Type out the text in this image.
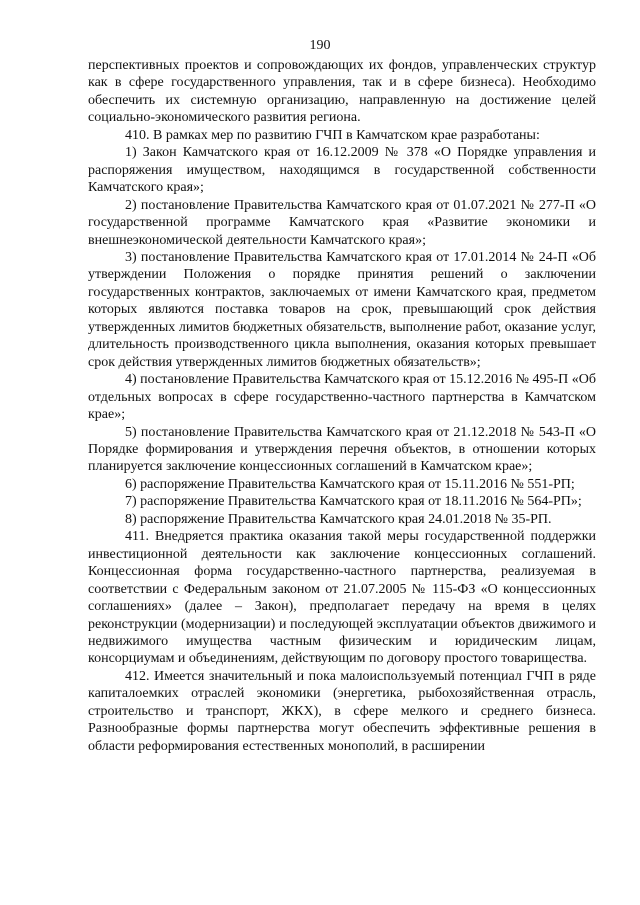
190

перспективных проектов и сопровождающих их фондов, управленческих структур как в сфере государственного управления, так и в сфере бизнеса). Необходимо обеспечить их системную организацию, направленную на достижение целей социально-экономического развития региона.

410. В рамках мер по развитию ГЧП в Камчатском крае разработаны:

1) Закон Камчатского края от 16.12.2009 № 378 «О Порядке управления и распоряжения имуществом, находящимся в государственной собственности Камчатского края»;

2) постановление Правительства Камчатского края от 01.07.2021 № 277-П «О государственной программе Камчатского края «Развитие экономики и внешнеэкономической деятельности Камчатского края»;

3) постановление Правительства Камчатского края от 17.01.2014 № 24-П «Об утверждении Положения о порядке принятия решений о заключении государственных контрактов, заключаемых от имени Камчатского края, предметом которых являются поставка товаров на срок, превышающий срок действия утвержденных лимитов бюджетных обязательств, выполнение работ, оказание услуг, длительность производственного цикла выполнения, оказания которых превышает срок действия утвержденных лимитов бюджетных обязательств»;

4) постановление Правительства Камчатского края от 15.12.2016 № 495-П «Об отдельных вопросах в сфере государственно-частного партнерства в Камчатском крае»;

5) постановление Правительства Камчатского края от 21.12.2018 № 543-П «О Порядке формирования и утверждения перечня объектов, в отношении которых планируется заключение концессионных соглашений в Камчатском крае»;

6) распоряжение Правительства Камчатского края от 15.11.2016 № 551-РП;

7) распоряжение Правительства Камчатского края от 18.11.2016 № 564-РП»;

8) распоряжение Правительства Камчатского края 24.01.2018 № 35-РП.

411. Внедряется практика оказания такой меры государственной поддержки инвестиционной деятельности как заключение концессионных соглашений. Концессионная форма государственно-частного партнерства, реализуемая в соответствии с Федеральным законом от 21.07.2005 № 115-ФЗ «О концессионных соглашениях» (далее – Закон), предполагает передачу на время в целях реконструкции (модернизации) и последующей эксплуатации объектов движимого и недвижимого имущества частным физическим и юридическим лицам, консорциумам и объединениям, действующим по договору простого товарищества.

412. Имеется значительный и пока малоиспользуемый потенциал ГЧП в ряде капиталоемких отраслей экономики (энергетика, рыбохозяйственная отрасль, строительство и транспорт, ЖКХ), в сфере мелкого и среднего бизнеса. Разнообразные формы партнерства могут обеспечить эффективные решения в области реформирования естественных монополий, в расширении
